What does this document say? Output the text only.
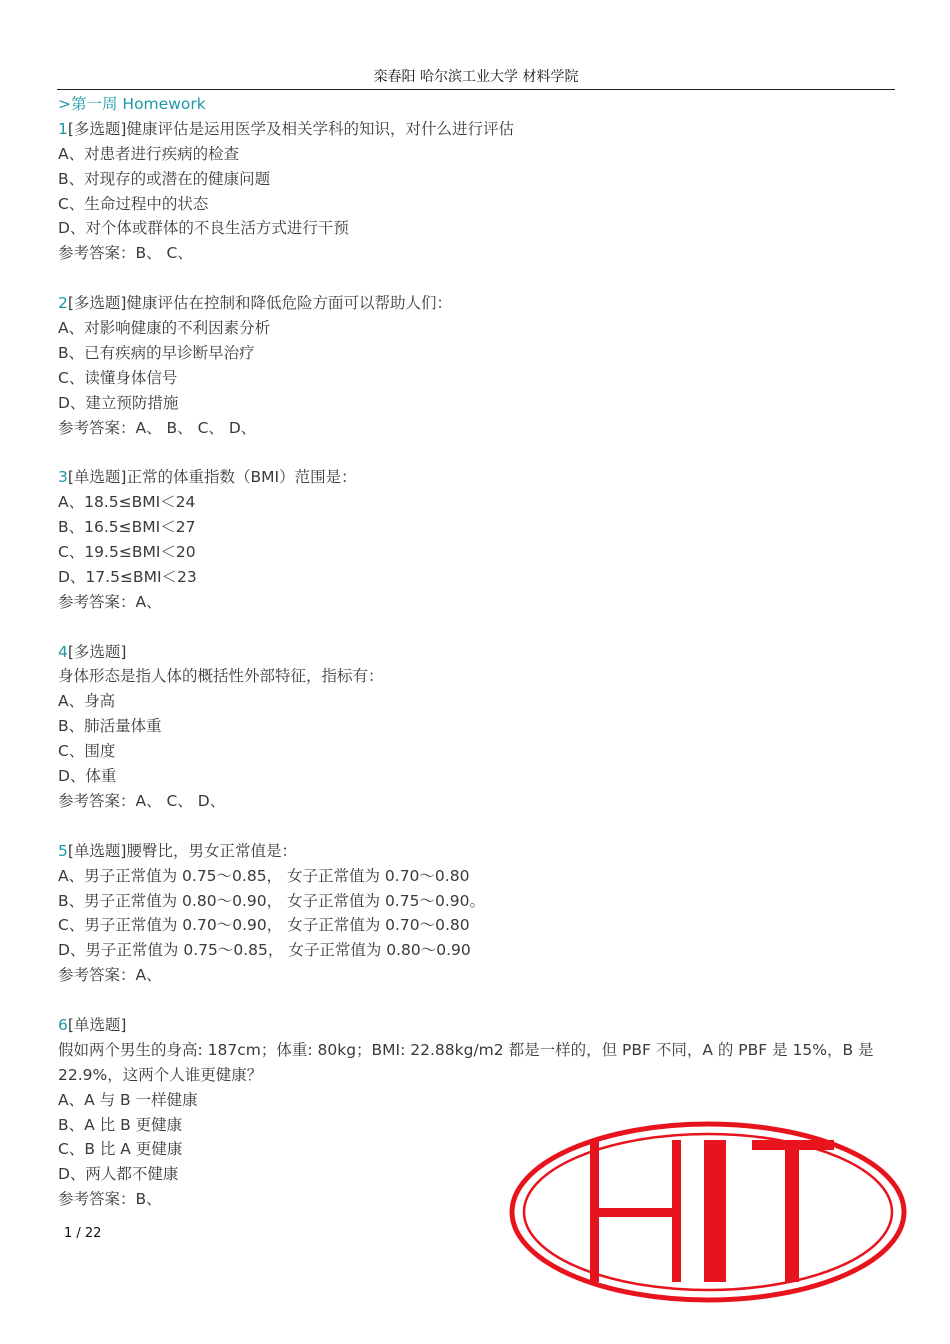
栾春阳 哈尔滨工业大学 材料学院
>第一周 Homework
1[多选题]健康评估是运用医学及相关学科的知识，对什么进行评估
A、对患者进行疾病的检查
B、对现存的或潜在的健康问题
C、生命过程中的状态
D、对个体或群体的不良生活方式进行干预
参考答案：B、 C、
2[多选题]健康评估在控制和降低危险方面可以帮助人们：
A、对影响健康的不利因素分析
B、已有疾病的早诊断早治疗
C、读懂身体信号
D、建立预防措施
参考答案：A、 B、 C、 D、
3[单选题]正常的体重指数（BMI）范围是：
A、18.5≤BMI＜24
B、16.5≤BMI＜27
C、19.5≤BMI＜20
D、17.5≤BMI＜23
参考答案：A、
4[多选题]
身体形态是指人体的概括性外部特征，指标有：
A、身高
B、肺活量体重
C、围度
D、体重
参考答案：A、 C、 D、
5[单选题]腰臀比，男女正常值是：
A、男子正常值为 0.75～0.85， 女子正常值为 0.70～0.80
B、男子正常值为 0.80～0.90， 女子正常值为 0.75～0.90。
C、男子正常值为 0.70～0.90， 女子正常值为 0.70～0.80
D、男子正常值为 0.75～0.85， 女子正常值为 0.80～0.90
参考答案：A、
6[单选题]
假如两个男生的身高: 187cm；体重: 80kg；BMI: 22.88kg/m2 都是一样的，但 PBF 不同，A 的 PBF 是 15%，B 是 22.9%，这两个人谁更健康？
A、A 与 B 一样健康
B、A 比 B 更健康
C、B 比 A 更健康
D、两人都不健康
参考答案：B、
1 / 22
